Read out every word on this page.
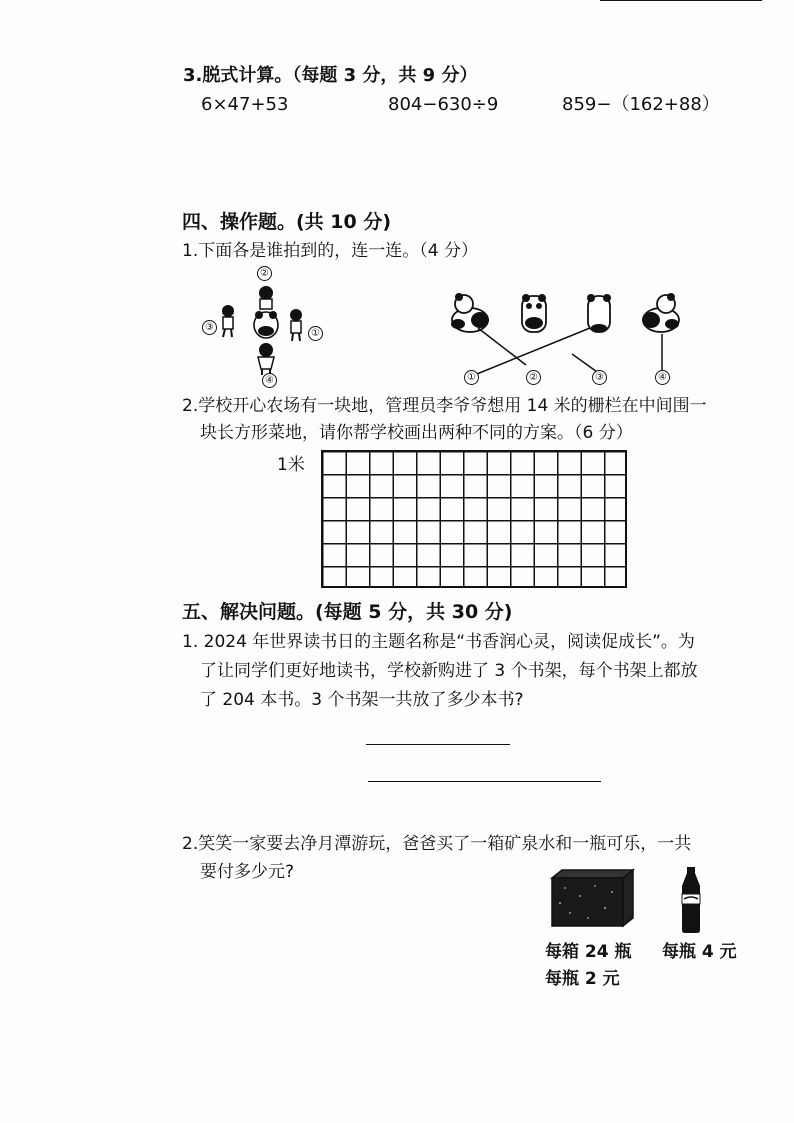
3.脱式计算。（每题 3 分，共 9 分）
6×47+53	804−630÷9	859−（162+88）
四、操作题。(共 10 分)
1.下面各是谁拍到的，连一连。（4 分）
②
③
①
④	①	②	③	④
2.学校开心农场有一块地，管理员李爷爷想用 14 米的栅栏在中间围一
块长方形菜地，请你帮学校画出两种不同的方案。（6 分）
1米
五、解决问题。(每题 5 分，共 30 分)
1. 2024 年世界读书日的主题名称是“书香润心灵，阅读促成长”。为
了让同学们更好地读书，学校新购进了 3 个书架，每个书架上都放
了 204 本书。3 个书架一共放了多少本书?
2.笑笑一家要去净月潭游玩，爸爸买了一箱矿泉水和一瓶可乐，一共
要付多少元?
每箱 24 瓶
每瓶 2 元
每瓶 4 元
